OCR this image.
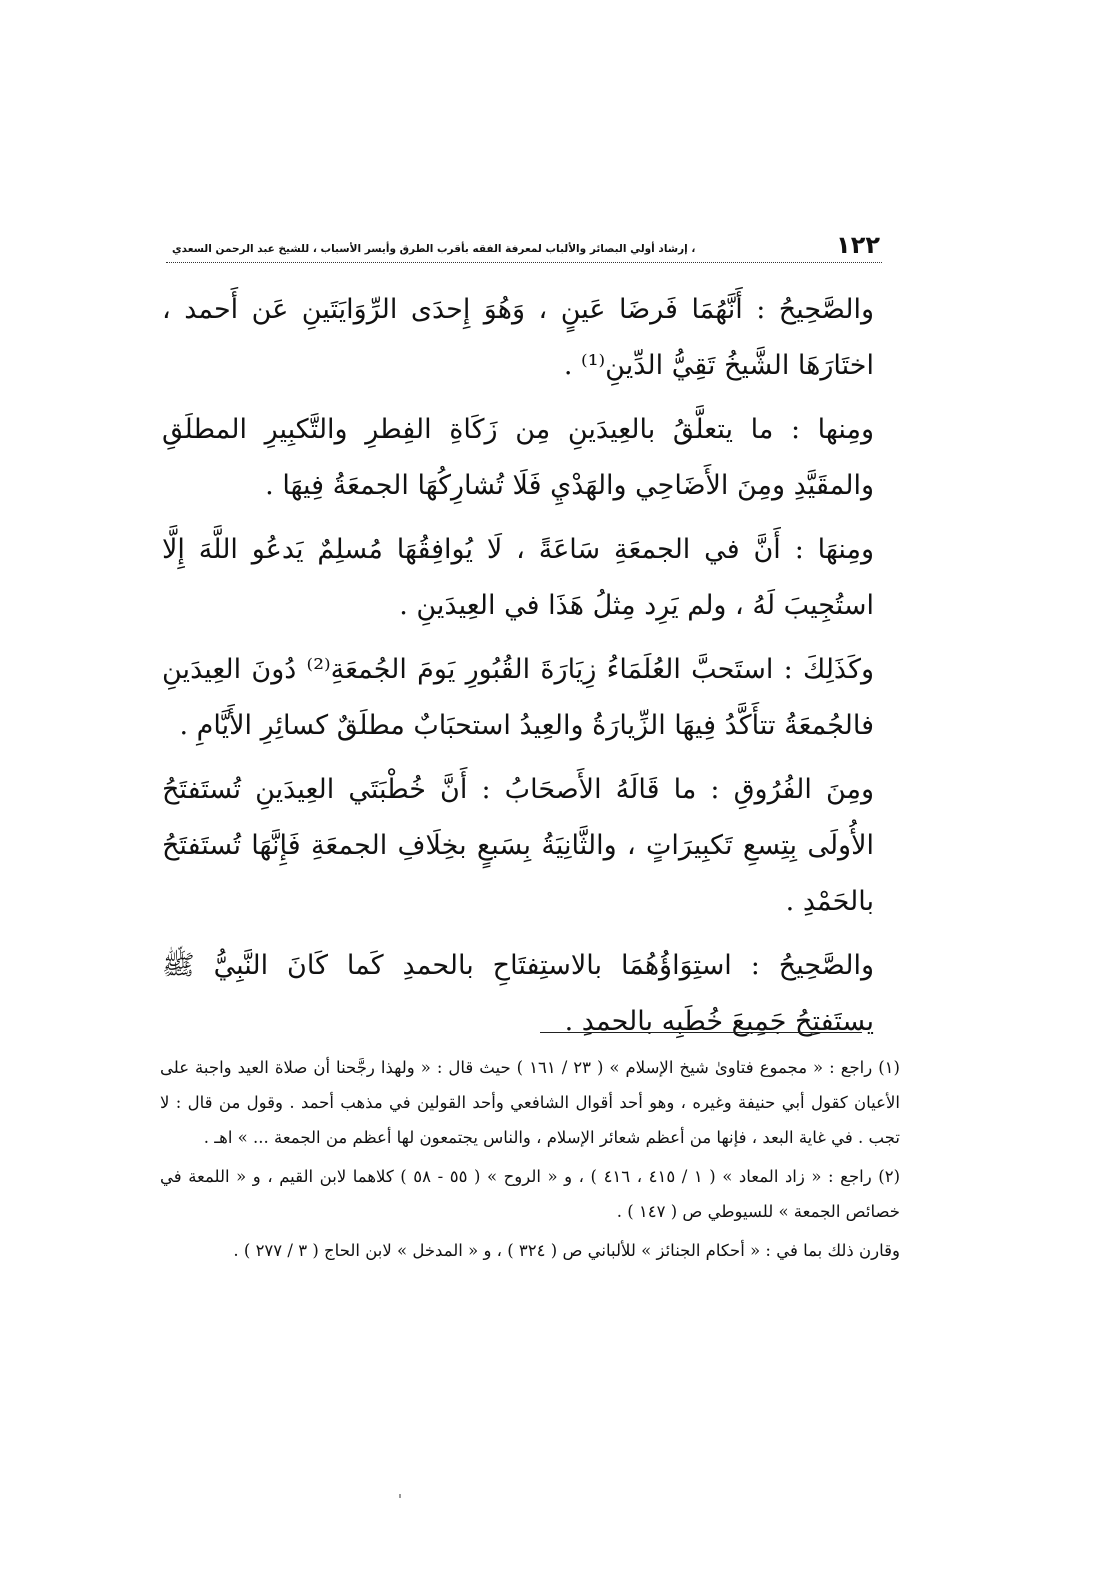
١٢٢
، إرشاد أولي البصائر والألباب لمعرفة الفقه بأقرب الطرق وأيسر الأسباب ، للشيخ عبد الرحمن السعدي

والصَّحِيحُ : أَنَّهُمَا فَرضَا عَينٍ ، وَهُوَ إِحدَى الرِّوَايَتَينِ عَن أَحمد ، اختَارَهَا الشَّيخُ تَقِيُّ الدِّينِ⁽¹⁾ .

ومِنها : ما يتعلَّقُ بالعِيدَينِ مِن زَكَاةِ الفِطرِ والتَّكبِيرِ المطلَقِ والمقَيَّدِ ومِنَ الأَضَاحِي والهَدْيِ فَلَا تُشارِكُهَا الجمعَةُ فِيهَا .

ومِنهَا : أَنَّ في الجمعَةِ سَاعَةً ، لَا يُوافِقُهَا مُسلِمٌ يَدعُو اللَّهَ إِلَّا استُجِيبَ لَهُ ، ولم يَرِد مِثلُ هَذَا في العِيدَينِ .

وكَذَلِكَ : استَحبَّ العُلَمَاءُ زِيَارَةَ القُبُورِ يَومَ الجُمعَةِ⁽²⁾ دُونَ العِيدَينِ فالجُمعَةُ تتأَكَّدُ فِيهَا الزِّيارَةُ والعِيدُ استحبَابٌ مطلَقٌ كسائِرِ الأَيَّامِ .

ومِنَ الفُرُوقِ : ما قَالَهُ الأَصحَابُ : أَنَّ خُطْبَتَي العِيدَينِ تُستَفتَحُ الأُولَى بِتِسعِ تَكبِيرَاتٍ ، والثَّانِيَةُ بِسَبعٍ بخِلَافِ الجمعَةِ فَإِنَّهَا تُستَفتَحُ بالحَمْدِ .

والصَّحِيحُ : استِوَاؤُهُمَا بالاستِفتَاحِ بالحمدِ كَما كَانَ النَّبِيُّ ﷺ يستَفتِحُ جَمِيعَ خُطَبِه بالحمدِ .

(١) راجع : « مجموع فتاوىٰ شيخ الإسلام » ( ٢٣ / ١٦١ ) حيث قال : « ولهذا رجَّحنا أن صلاة العيد واجبة على الأعيان كقول أبي حنيفة وغيره ، وهو أحد أقوال الشافعي وأحد القولين في مذهب أحمد . وقول من قال : لا تجب . في غاية البعد ، فإنها من أعظم شعائر الإسلام ، والناس يجتمعون لها أعظم من الجمعة ... » اهـ .

(٢) راجع : « زاد المعاد » ( ١ / ٤١٥ ، ٤١٦ ) ، و « الروح » ( ٥٥ - ٥٨ ) كلاهما لابن القيم ، و « اللمعة في خصائص الجمعة » للسيوطي ص ( ١٤٧ ) .

وقارن ذلك بما في : « أحكام الجنائز » للألباني ص ( ٣٢٤ ) ، و « المدخل » لابن الحاج ( ٣ / ٢٧٧ ) .
